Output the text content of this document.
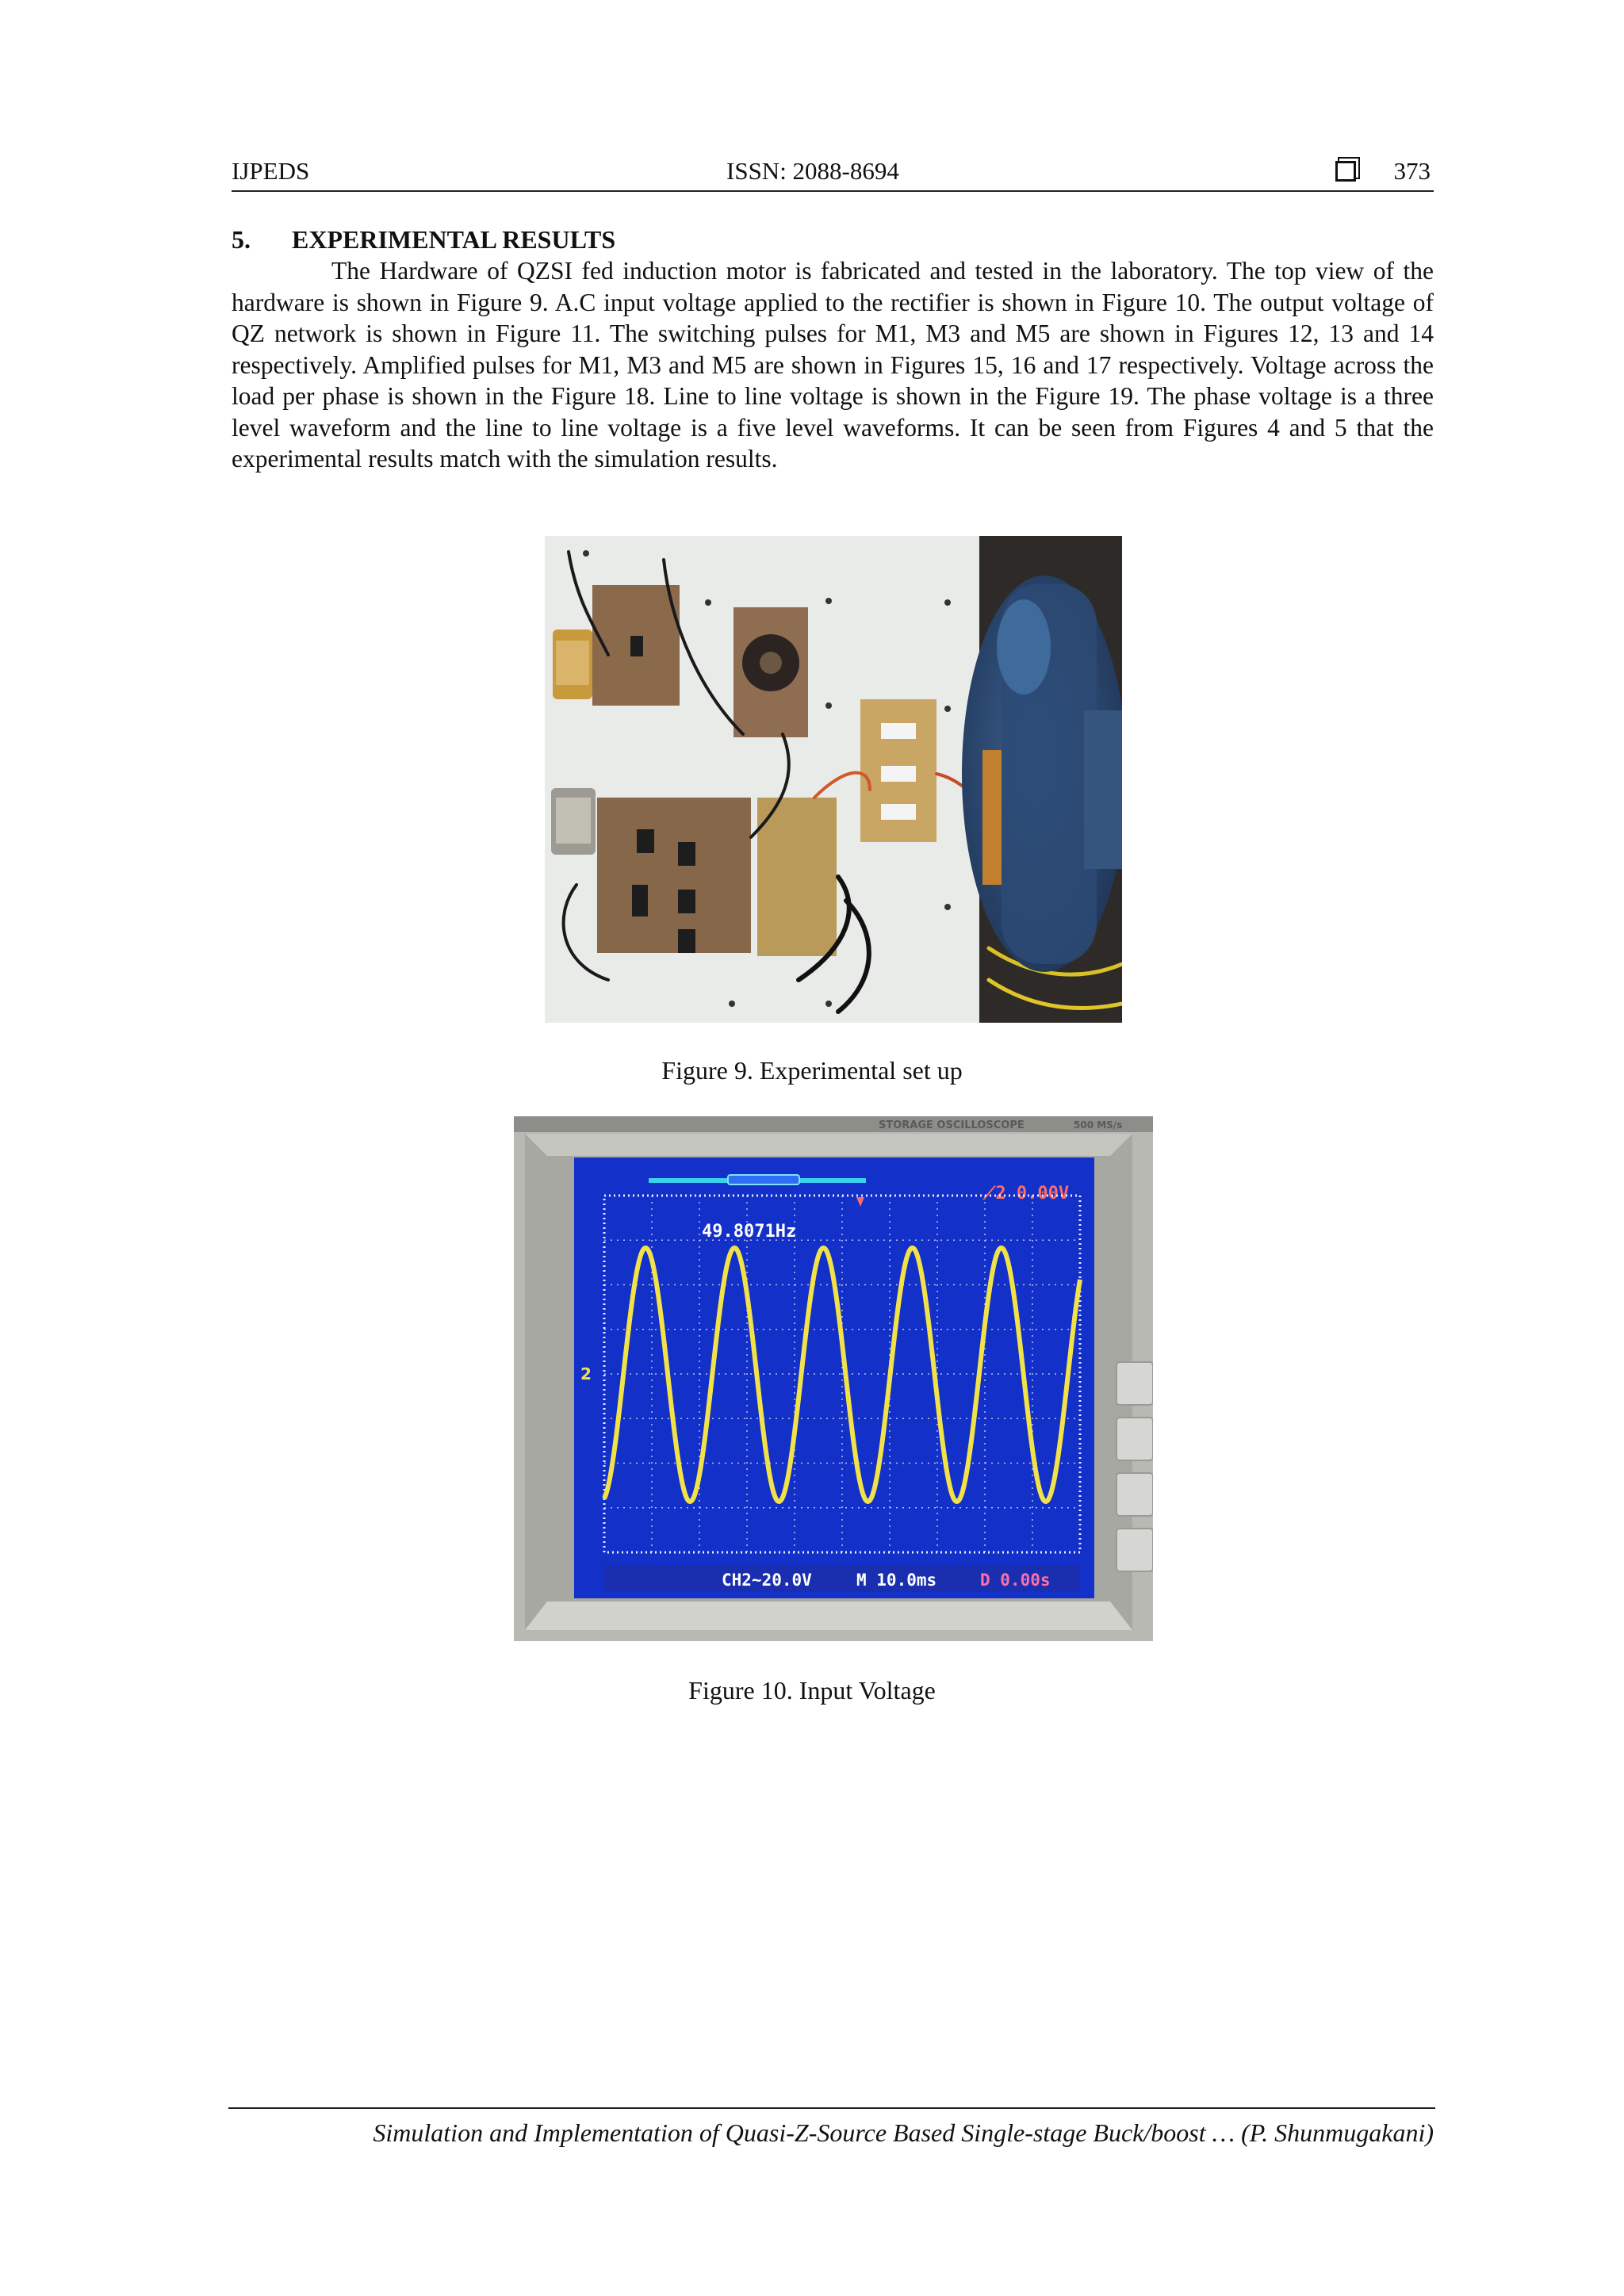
IJPEDS	ISSN: 2088-8694	373
5. EXPERIMENTAL RESULTS

The Hardware of QZSI fed induction motor is fabricated and tested in the laboratory. The top view of the hardware is shown in Figure 9. A.C input voltage applied to the rectifier is shown in Figure 10. The output voltage of QZ network is shown in Figure 11. The switching pulses for M1, M3 and M5 are shown in Figures 12, 13 and 14 respectively. Amplified pulses for M1, M3 and M5 are shown in Figures 15, 16 and 17 respectively. Voltage across the load per phase is shown in the Figure 18. Line to line voltage is shown in the Figure 19. The phase voltage is a three level waveform and the line to line voltage is a five level waveforms. It can be seen from Figures 4 and 5 that the experimental results match with the simulation results.

Figure 9. Experimental set up
STORAGE OSCILLOSCOPE	500 MS/s
⟋2 0.00V
49.8071Hz
2
CH2~20.0V	M 10.0ms	D 0.00s
Figure 10. Input Voltage
Simulation and Implementation of Quasi-Z-Source Based Single-stage Buck/boost … (P. Shunmugakani)
